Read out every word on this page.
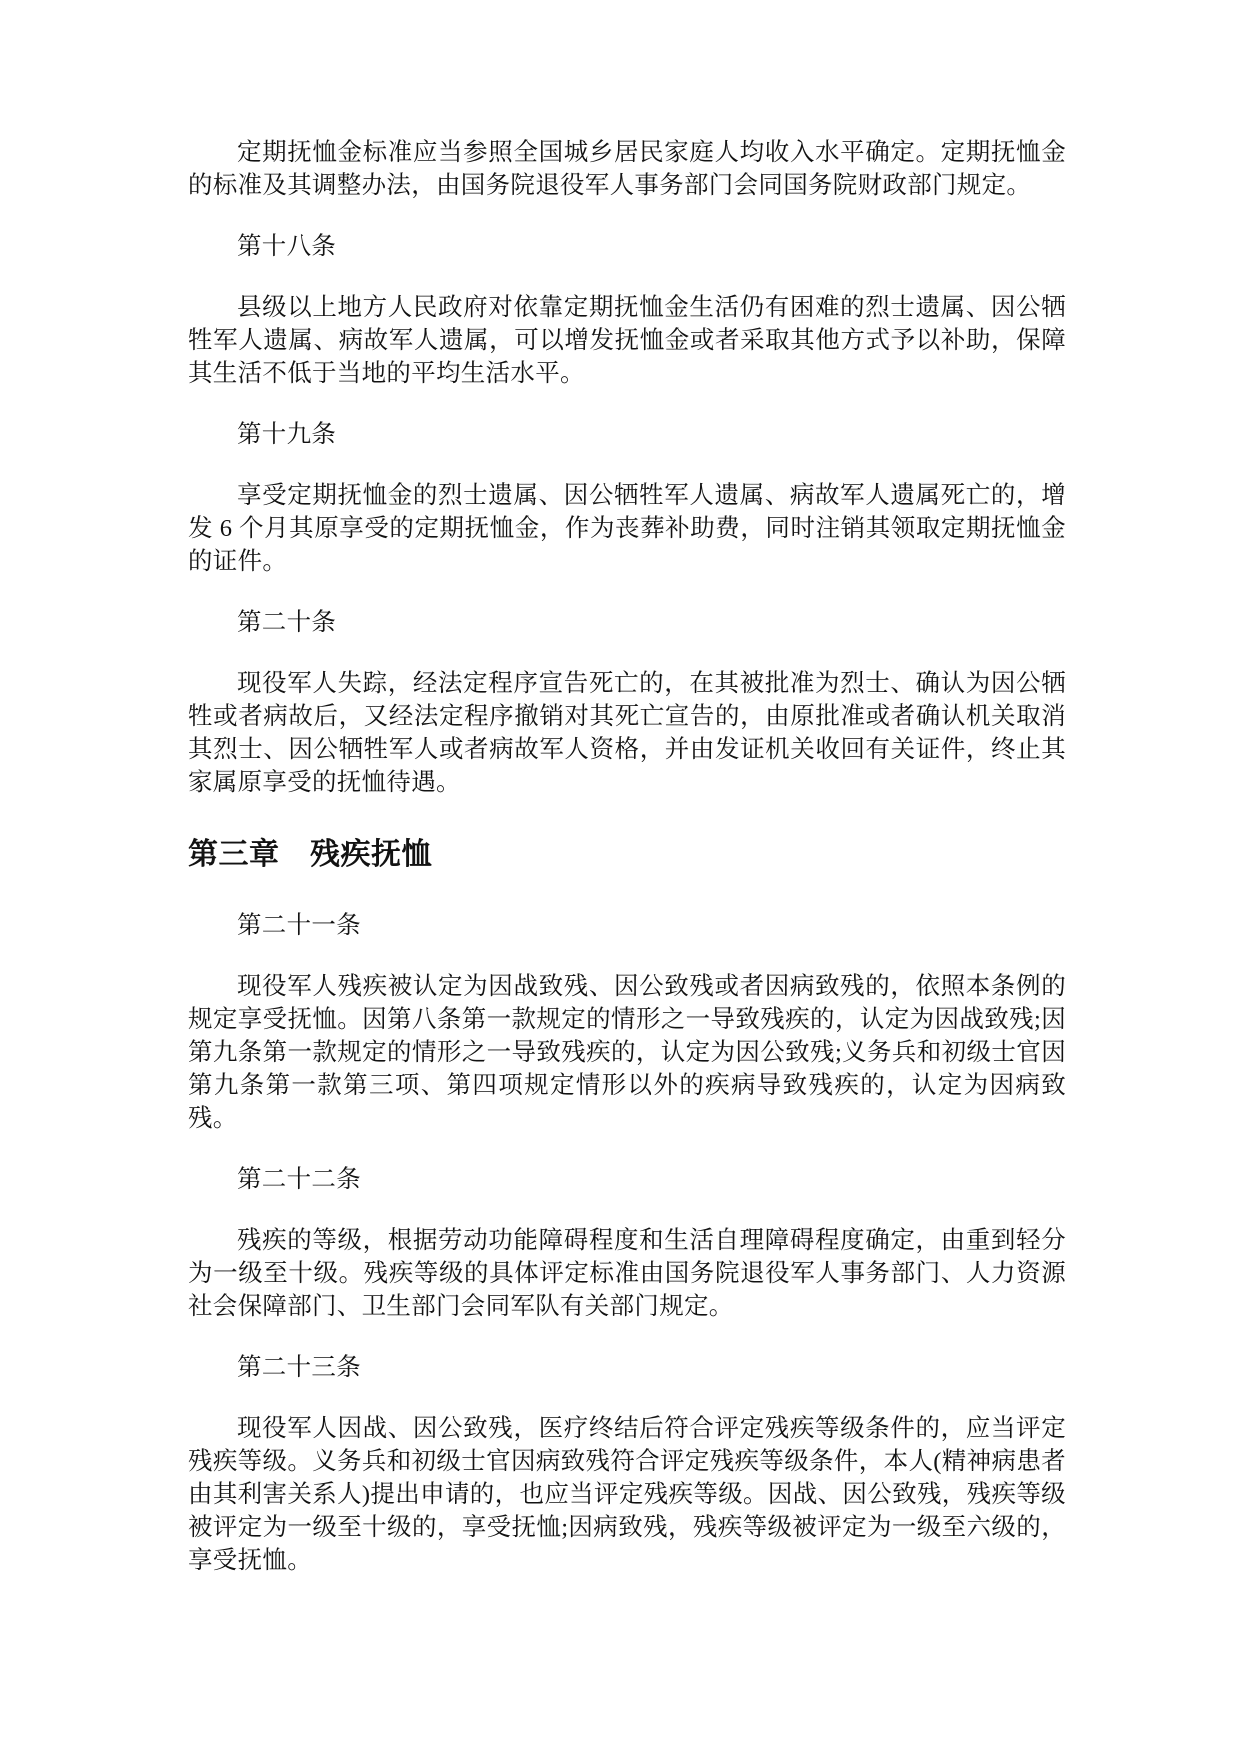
定期抚恤金标准应当参照全国城乡居民家庭人均收入水平确定。定期抚恤金的标准及其调整办法，由国务院退役军人事务部门会同国务院财政部门规定。

第十八条

县级以上地方人民政府对依靠定期抚恤金生活仍有困难的烈士遗属、因公牺牲军人遗属、病故军人遗属，可以增发抚恤金或者采取其他方式予以补助，保障其生活不低于当地的平均生活水平。

第十九条

享受定期抚恤金的烈士遗属、因公牺牲军人遗属、病故军人遗属死亡的，增发 6 个月其原享受的定期抚恤金，作为丧葬补助费，同时注销其领取定期抚恤金的证件。

第二十条

现役军人失踪，经法定程序宣告死亡的，在其被批准为烈士、确认为因公牺牲或者病故后，又经法定程序撤销对其死亡宣告的，由原批准或者确认机关取消其烈士、因公牺牲军人或者病故军人资格，并由发证机关收回有关证件，终止其家属原享受的抚恤待遇。

第三章　残疾抚恤

第二十一条

现役军人残疾被认定为因战致残、因公致残或者因病致残的，依照本条例的规定享受抚恤。因第八条第一款规定的情形之一导致残疾的，认定为因战致残;因第九条第一款规定的情形之一导致残疾的，认定为因公致残;义务兵和初级士官因第九条第一款第三项、第四项规定情形以外的疾病导致残疾的，认定为因病致残。

第二十二条

残疾的等级，根据劳动功能障碍程度和生活自理障碍程度确定，由重到轻分为一级至十级。残疾等级的具体评定标准由国务院退役军人事务部门、人力资源社会保障部门、卫生部门会同军队有关部门规定。

第二十三条

现役军人因战、因公致残，医疗终结后符合评定残疾等级条件的，应当评定残疾等级。义务兵和初级士官因病致残符合评定残疾等级条件，本人(精神病患者由其利害关系人)提出申请的，也应当评定残疾等级。因战、因公致残，残疾等级被评定为一级至十级的，享受抚恤;因病致残，残疾等级被评定为一级至六级的，享受抚恤。
